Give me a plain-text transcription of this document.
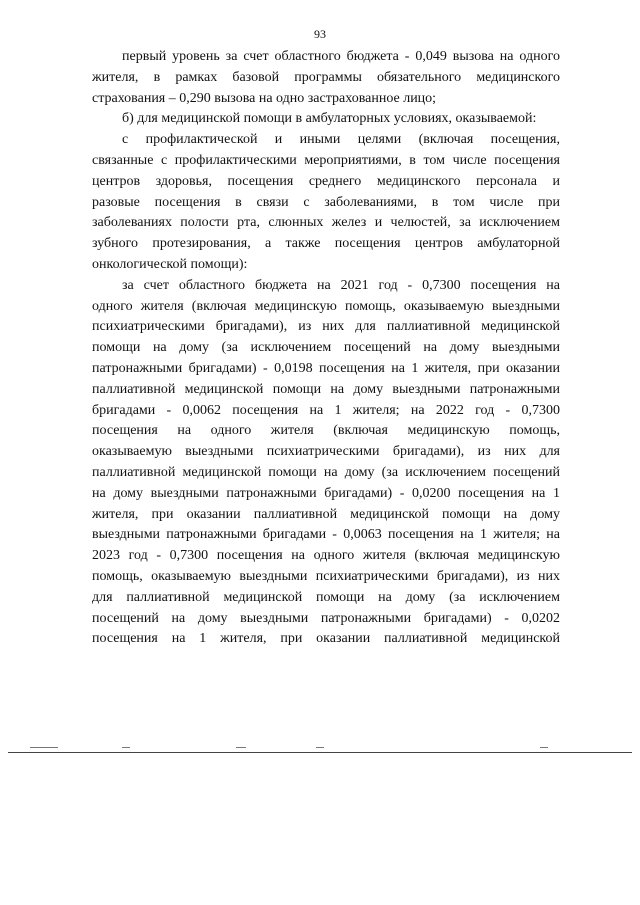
93
первый уровень за счет областного бюджета - 0,049 вызова на одного
жителя, в рамках базовой программы обязательного медицинского
страхования – 0,290 вызова на одно застрахованное лицо;
б) для медицинской помощи в амбулаторных условиях, оказываемой:
с профилактической и иными целями (включая посещения,
связанные с профилактическими мероприятиями, в том числе посещения
центров здоровья, посещения среднего медицинского персонала и
разовые посещения в связи с заболеваниями, в том числе при
заболеваниях полости рта, слюнных желез и челюстей, за исключением
зубного протезирования, а также посещения центров амбулаторной
онкологической помощи):
за счет областного бюджета на 2021 год - 0,7300 посещения на
одного жителя (включая медицинскую помощь, оказываемую выездными
психиатрическими бригадами), из них для паллиативной медицинской
помощи на дому (за исключением посещений на дому выездными
патронажными бригадами) - 0,0198 посещения на 1 жителя, при оказании
паллиативной медицинской помощи на дому выездными патронажными
бригадами - 0,0062 посещения на 1 жителя; на 2022 год - 0,7300
посещения на одного жителя (включая медицинскую помощь,
оказываемую выездными психиатрическими бригадами), из них для
паллиативной медицинской помощи на дому (за исключением посещений
на дому выездными патронажными бригадами) - 0,0200 посещения на 1
жителя, при оказании паллиативной медицинской помощи на дому
выездными патронажными бригадами - 0,0063 посещения на 1 жителя; на
2023 год - 0,7300 посещения на одного жителя (включая медицинскую
помощь, оказываемую выездными психиатрическими бригадами), из них
для паллиативной медицинской помощи на дому (за исключением
посещений на дому выездными патронажными бригадами) - 0,0202
посещения на 1 жителя, при оказании паллиативной медицинской
